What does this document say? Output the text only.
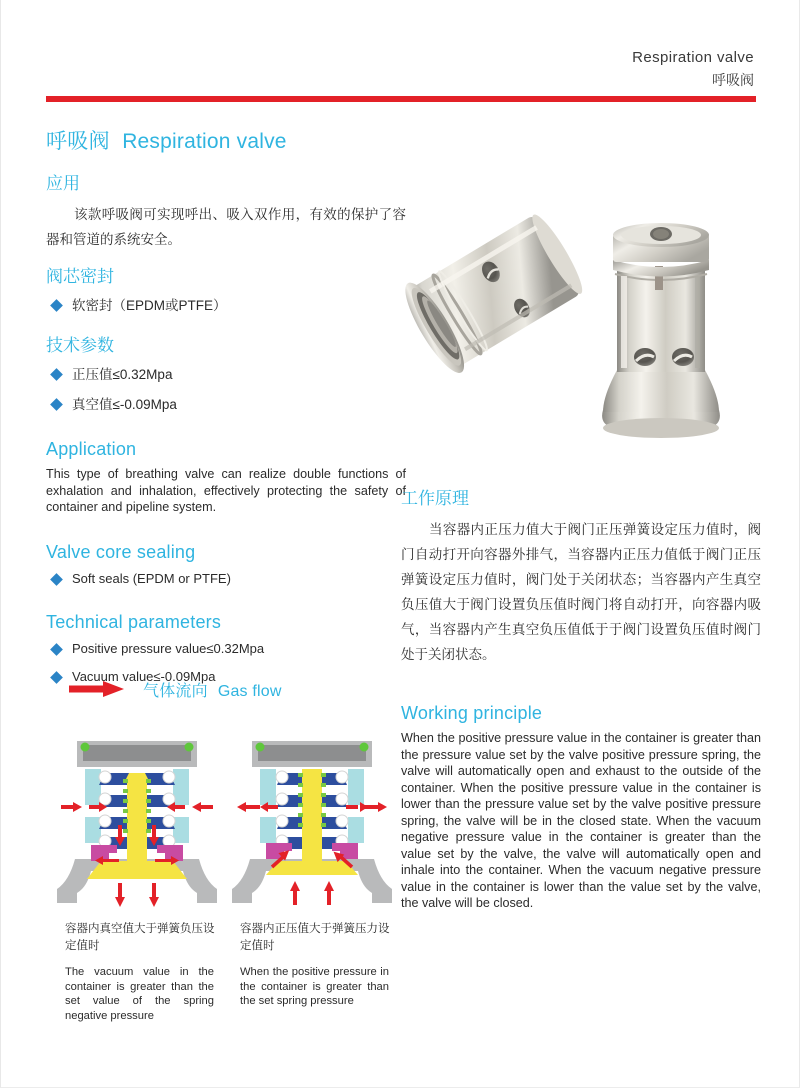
Respiration valve
呼吸阀
呼吸阀 Respiration valve
应用

该款呼吸阀可实现呼出、吸入双作用，有效的保护了容器和管道的系统安全。

阀芯密封
软密封（EPDM或PTFE）
技术参数
正压值≤0.32Mpa
真空值≤-0.09Mpa
Application

This type of breathing valve can realize double functions of exhalation and inhalation, effectively protecting the safety of container and pipeline system.

Valve core sealing
Soft seals (EPDM or PTFE)
Technical parameters
Positive pressure value≤0.32Mpa
Vacuum value≤-0.09Mpa
工作原理

当容器内正压力值大于阀门正压弹簧设定压力值时，阀门自动打开向容器外排气，当容器内正压力值低于阀门正压弹簧设定压力值时，阀门处于关闭状态；当容器内产生真空负压值大于阀门设置负压值时阀门将自动打开，向容器内吸气，当容器内产生真空负压值低于于阀门设置负压值时阀门处于关闭状态。

Working principle

When the positive pressure value in the container is greater than the pressure value set by the valve positive pressure spring, the valve will automatically open and exhaust to the outside of the container. When the positive pressure value in the container is lower than the pressure value set by the valve positive pressure spring, the valve will be in the closed state. When the vacuum negative pressure value in the container is greater than the value set by the valve, the valve will automatically open and inhale into the container. When the vacuum negative pressure value in the container is lower than the value set by the valve, the valve will be closed.

气体流向 Gas flow
容器内真空值大于弹簧负压设定值时
The vacuum value in the container is greater than the set value of the spring negative pressure
容器内正压值大于弹簧压力设定值时
When the positive pressure in the container is greater than the set spring pressure
